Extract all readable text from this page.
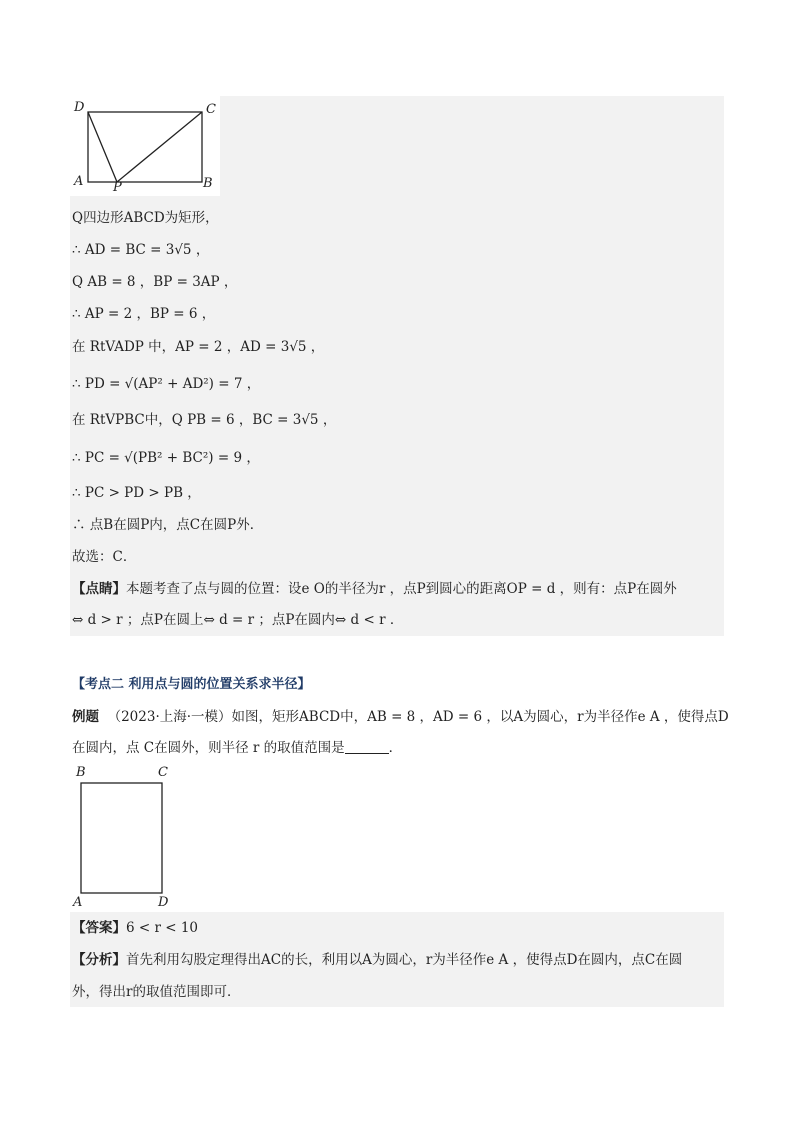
D	C
A P	B
Q四边形ABCD为矩形，
∴ AD = BC = 3√5 ，
Q AB = 8 ，BP = 3AP ，
∴ AP = 2 ，BP = 6 ，
在 RtVADP 中，AP = 2 ，AD = 3√5 ，
∴ PD = √(AP² + AD²) = 7 ，
在 RtVPBC中，Q PB = 6 ，BC = 3√5 ，
∴ PC = √(PB² + BC²) = 9 ，
∴ PC > PD > PB ，
∴ 点B在圆P内，点C在圆P外．
故选：C．
【点睛】本题考查了点与圆的位置：设e O的半径为r ，点P到圆心的距离OP = d ，则有：点P在圆外
⇔ d > r ；点P在圆上⇔ d = r ；点P在圆内⇔ d < r ．
【考点二 利用点与圆的位置关系求半径】
例题 （2023·上海·一模）如图，矩形ABCD中，AB = 8 ，AD = 6 ，以A为圆心，r为半径作e A ，使得点D
在圆内，点 C在圆外，则半径 r 的取值范围是	．
B	C
A	D
【答案】6 < r < 10
【分析】首先利用勾股定理得出AC的长，利用以A为圆心，r为半径作e A ，使得点D在圆内，点C在圆
外，得出r的取值范围即可．
